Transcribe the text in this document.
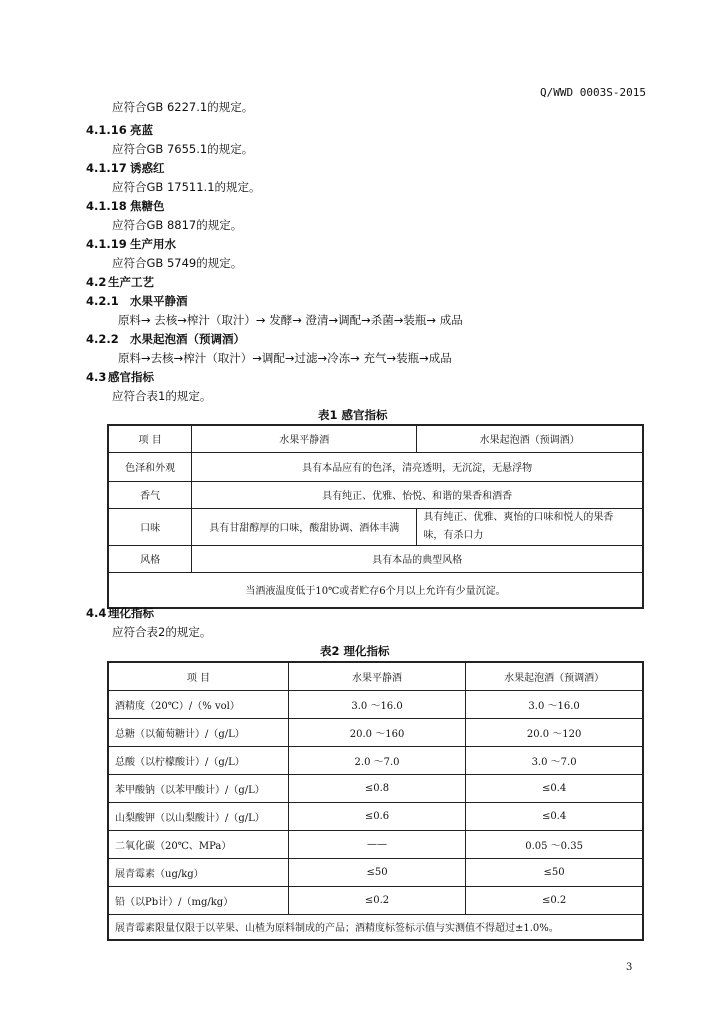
Q/WWD 0003S-2015
应符合GB 6227.1的规定。
4.1.16 亮蓝
应符合GB 7655.1的规定。
4.1.17 诱惑红
应符合GB 17511.1的规定。
4.1.18 焦糖色
应符合GB 8817的规定。
4.1.19 生产用水
应符合GB 5749的规定。
4.2 生产工艺
4.2.1 水果平静酒
原料→ 去核→榨汁（取汁）→ 发酵→ 澄清→调配→杀菌→装瓶→ 成品
4.2.2 水果起泡酒（预调酒）
原料→去核→榨汁（取汁）→调配→过滤→冷冻→ 充气→装瓶→成品
4.3 感官指标
应符合表1的规定。
表1 感官指标
项 目	水果平静酒	水果起泡酒（预调酒）
色泽和外观	具有本品应有的色泽，清亮透明，无沉淀，无悬浮物	
香气	具有纯正、优雅、怡悦、和谐的果香和酒香	
口味	具有甘甜醇厚的口味，酸甜协调、酒体丰满	具有纯正、优雅、爽怡的口味和悦人的果香
味，有杀口力

风格	具有本品的典型风格	
当酒液温度低于10℃或者贮存6个月以上允许有少量沉淀。		
4.4 理化指标
应符合表2的规定。
表2 理化指标
项 目	水果平静酒	水果起泡酒（预调酒）
酒精度（20℃）/（% vol）	3.0 ～16.0	3.0 ～16.0
总糖（以葡萄糖计）/（g/L）	20.0 ～160	20.0 ～120
总酸（以柠檬酸计）/（g/L）	2.0 ～7.0	3.0 ～7.0
苯甲酸钠（以苯甲酸计）/（g/L）	≤0.8	≤0.4
山梨酸钾（以山梨酸计）/（g/L）	≤0.6	≤0.4
二氧化碳（20℃、MPa）	——	0.05 ～0.35
展青霉素（ug/kg）	≤50	≤50
铅（以Pb计）/（mg/kg）	≤0.2	≤0.2
展青霉素限量仅限于以苹果、山楂为原料制成的产品；酒精度标签标示值与实测值不得超过±1.0%。		
3
